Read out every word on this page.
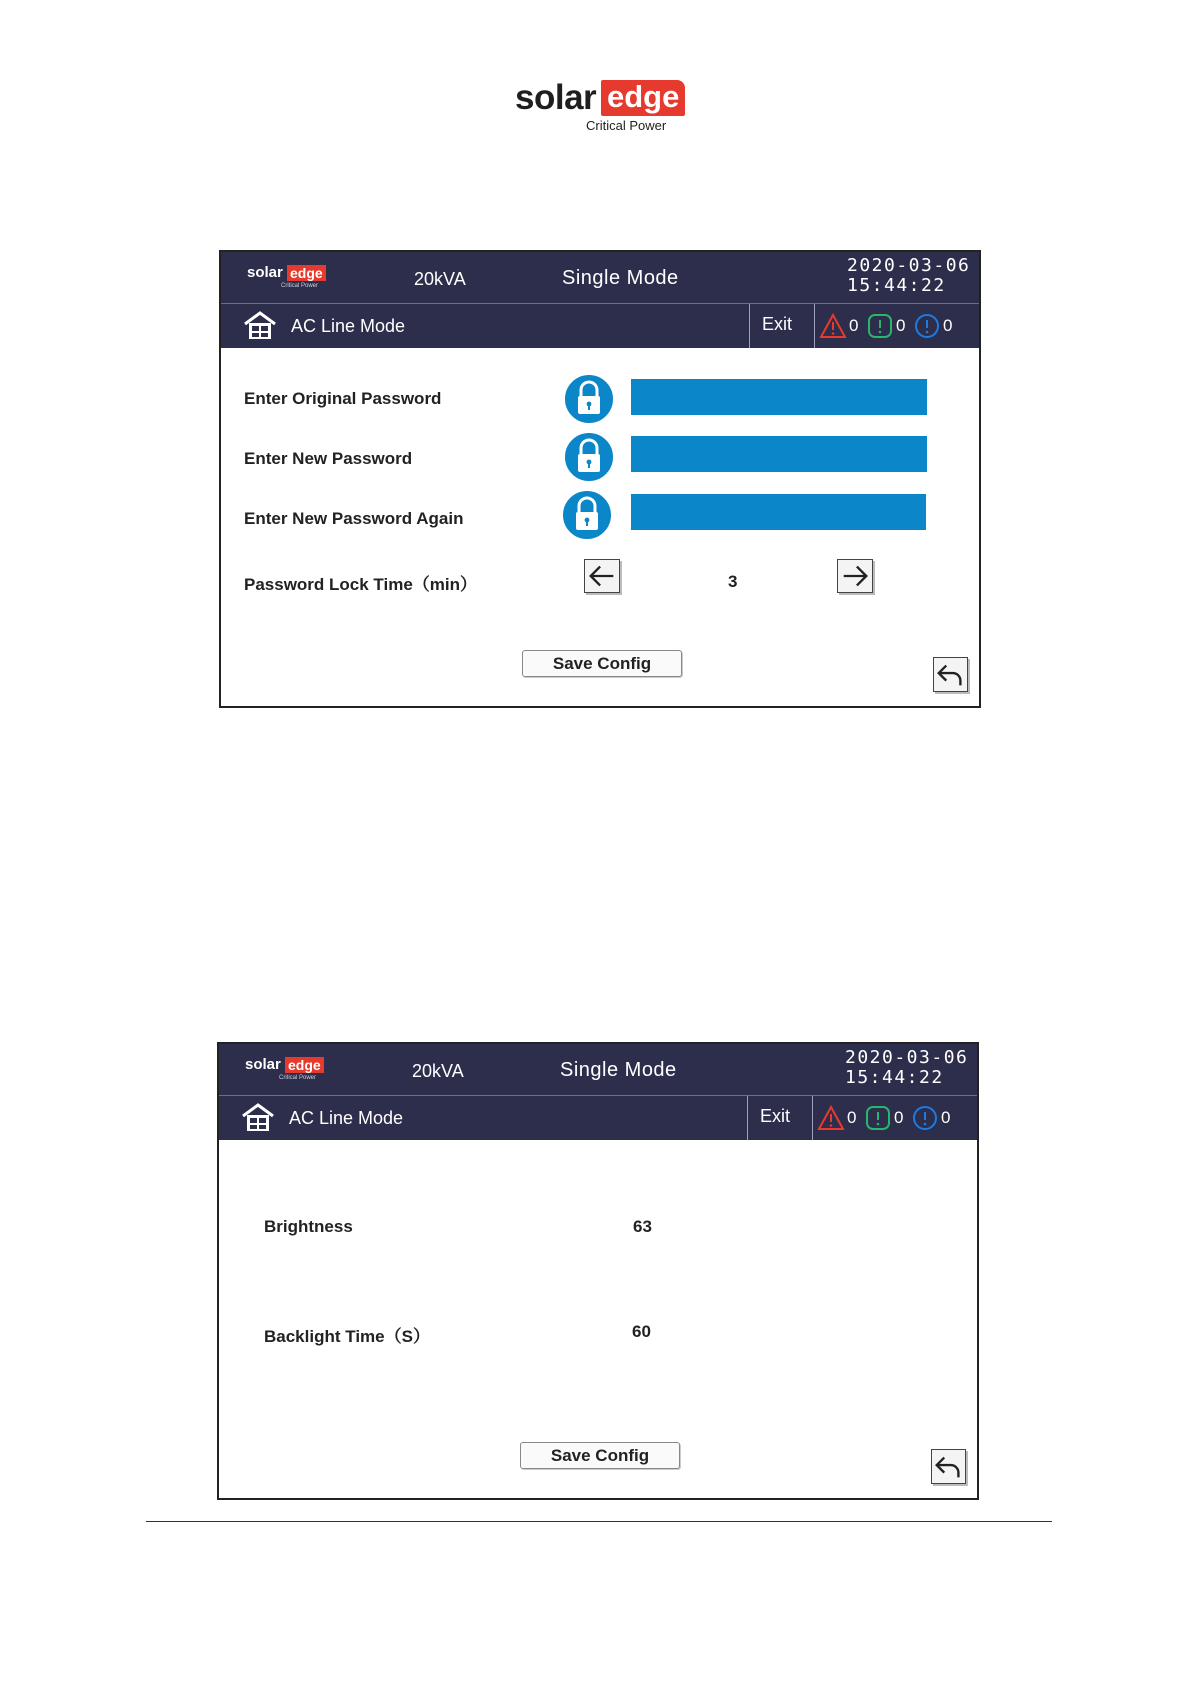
solar edge
Critical Power
solar edge
Critical Power	20kVA	Single Mode
2020-03-06
15:44:22
AC Line Mode	Exit	0 0 0
Enter Original Password
Enter New Password
Enter New Password Again
Password Lock Time（min）	3
Save Config
solar edge
Critical Power	20kVA	Single Mode
2020-03-06
15:44:22
AC Line Mode	Exit	0 0 0
Brightness	63
Backlight Time（S）	60
Save Config
